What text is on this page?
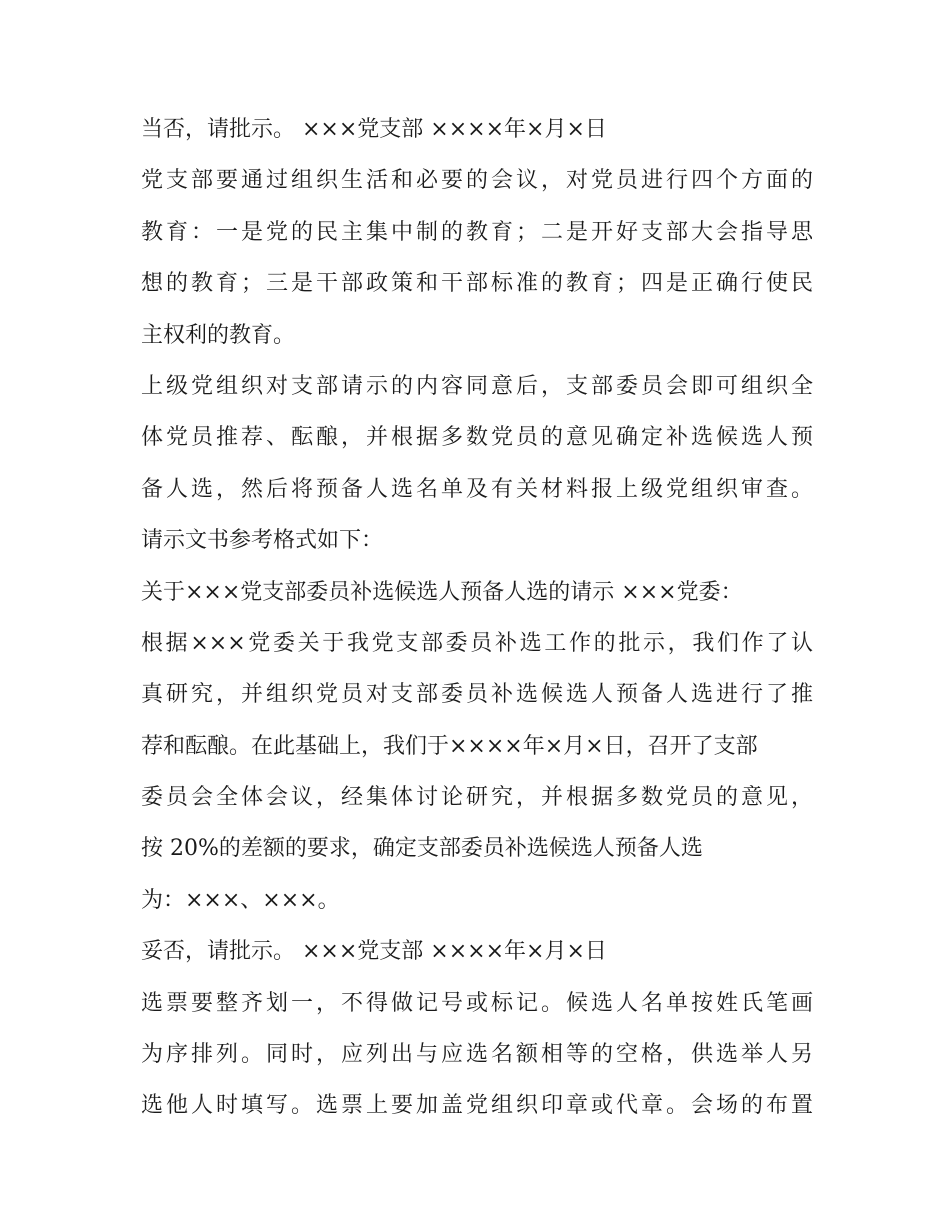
当否，请批示。 ×××党支部 ××××年×月×日
党支部要通过组织生活和必要的会议，对党员进行四个方面的
教育：一是党的民主集中制的教育；二是开好支部大会指导思
想的教育；三是干部政策和干部标准的教育；四是正确行使民
主权利的教育。
上级党组织对支部请示的内容同意后，支部委员会即可组织全
体党员推荐、酝酿，并根据多数党员的意见确定补选候选人预
备人选，然后将预备人选名单及有关材料报上级党组织审查。
请示文书参考格式如下：
关于×××党支部委员补选候选人预备人选的请示 ×××党委：
根据×××党委关于我党支部委员补选工作的批示，我们作了认
真研究，并组织党员对支部委员补选候选人预备人选进行了推
荐和酝酿。在此基础上，我们于××××年×月×日，召开了支部
委员会全体会议，经集体讨论研究，并根据多数党员的意见，
按 20%的差额的要求，确定支部委员补选候选人预备人选
为：×××、×××。
妥否，请批示。 ×××党支部 ××××年×月×日
选票要整齐划一，不得做记号或标记。候选人名单按姓氏笔画
为序排列。同时，应列出与应选名额相等的空格，供选举人另
选他人时填写。选票上要加盖党组织印章或代章。会场的布置
